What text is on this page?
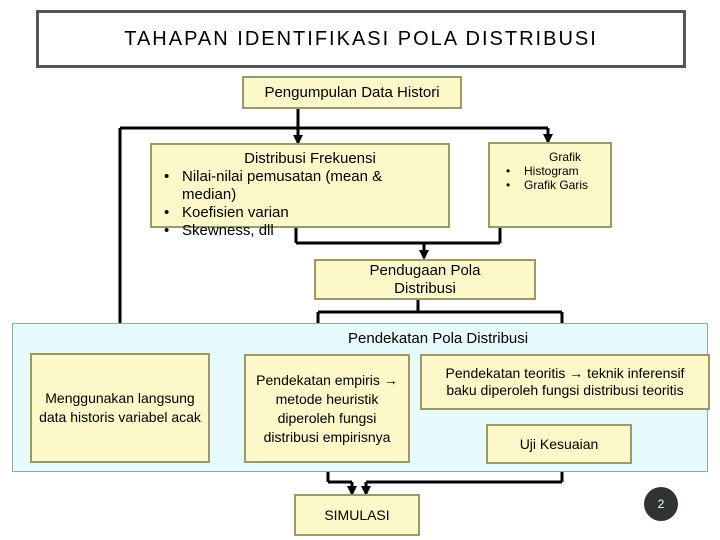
TAHAPAN IDENTIFIKASI POLA DISTRIBUSI
Pengumpulan Data Histori
Distribusi Frekuensi
• Nilai-nilai pemusatan (mean & median)
• Koefisien varian
• Skewness, dll
Grafik
• Histogram
• Grafik Garis
Pendugaan Pola Distribusi
Pendekatan Pola Distribusi
Menggunakan langsung data historis variabel acak
Pendekatan empiris → metode heuristik diperoleh fungsi distribusi empirisnya
Pendekatan teoritis → teknik inferensif baku diperoleh fungsi distribusi teoritis
Uji Kesuaian
SIMULASI
2
